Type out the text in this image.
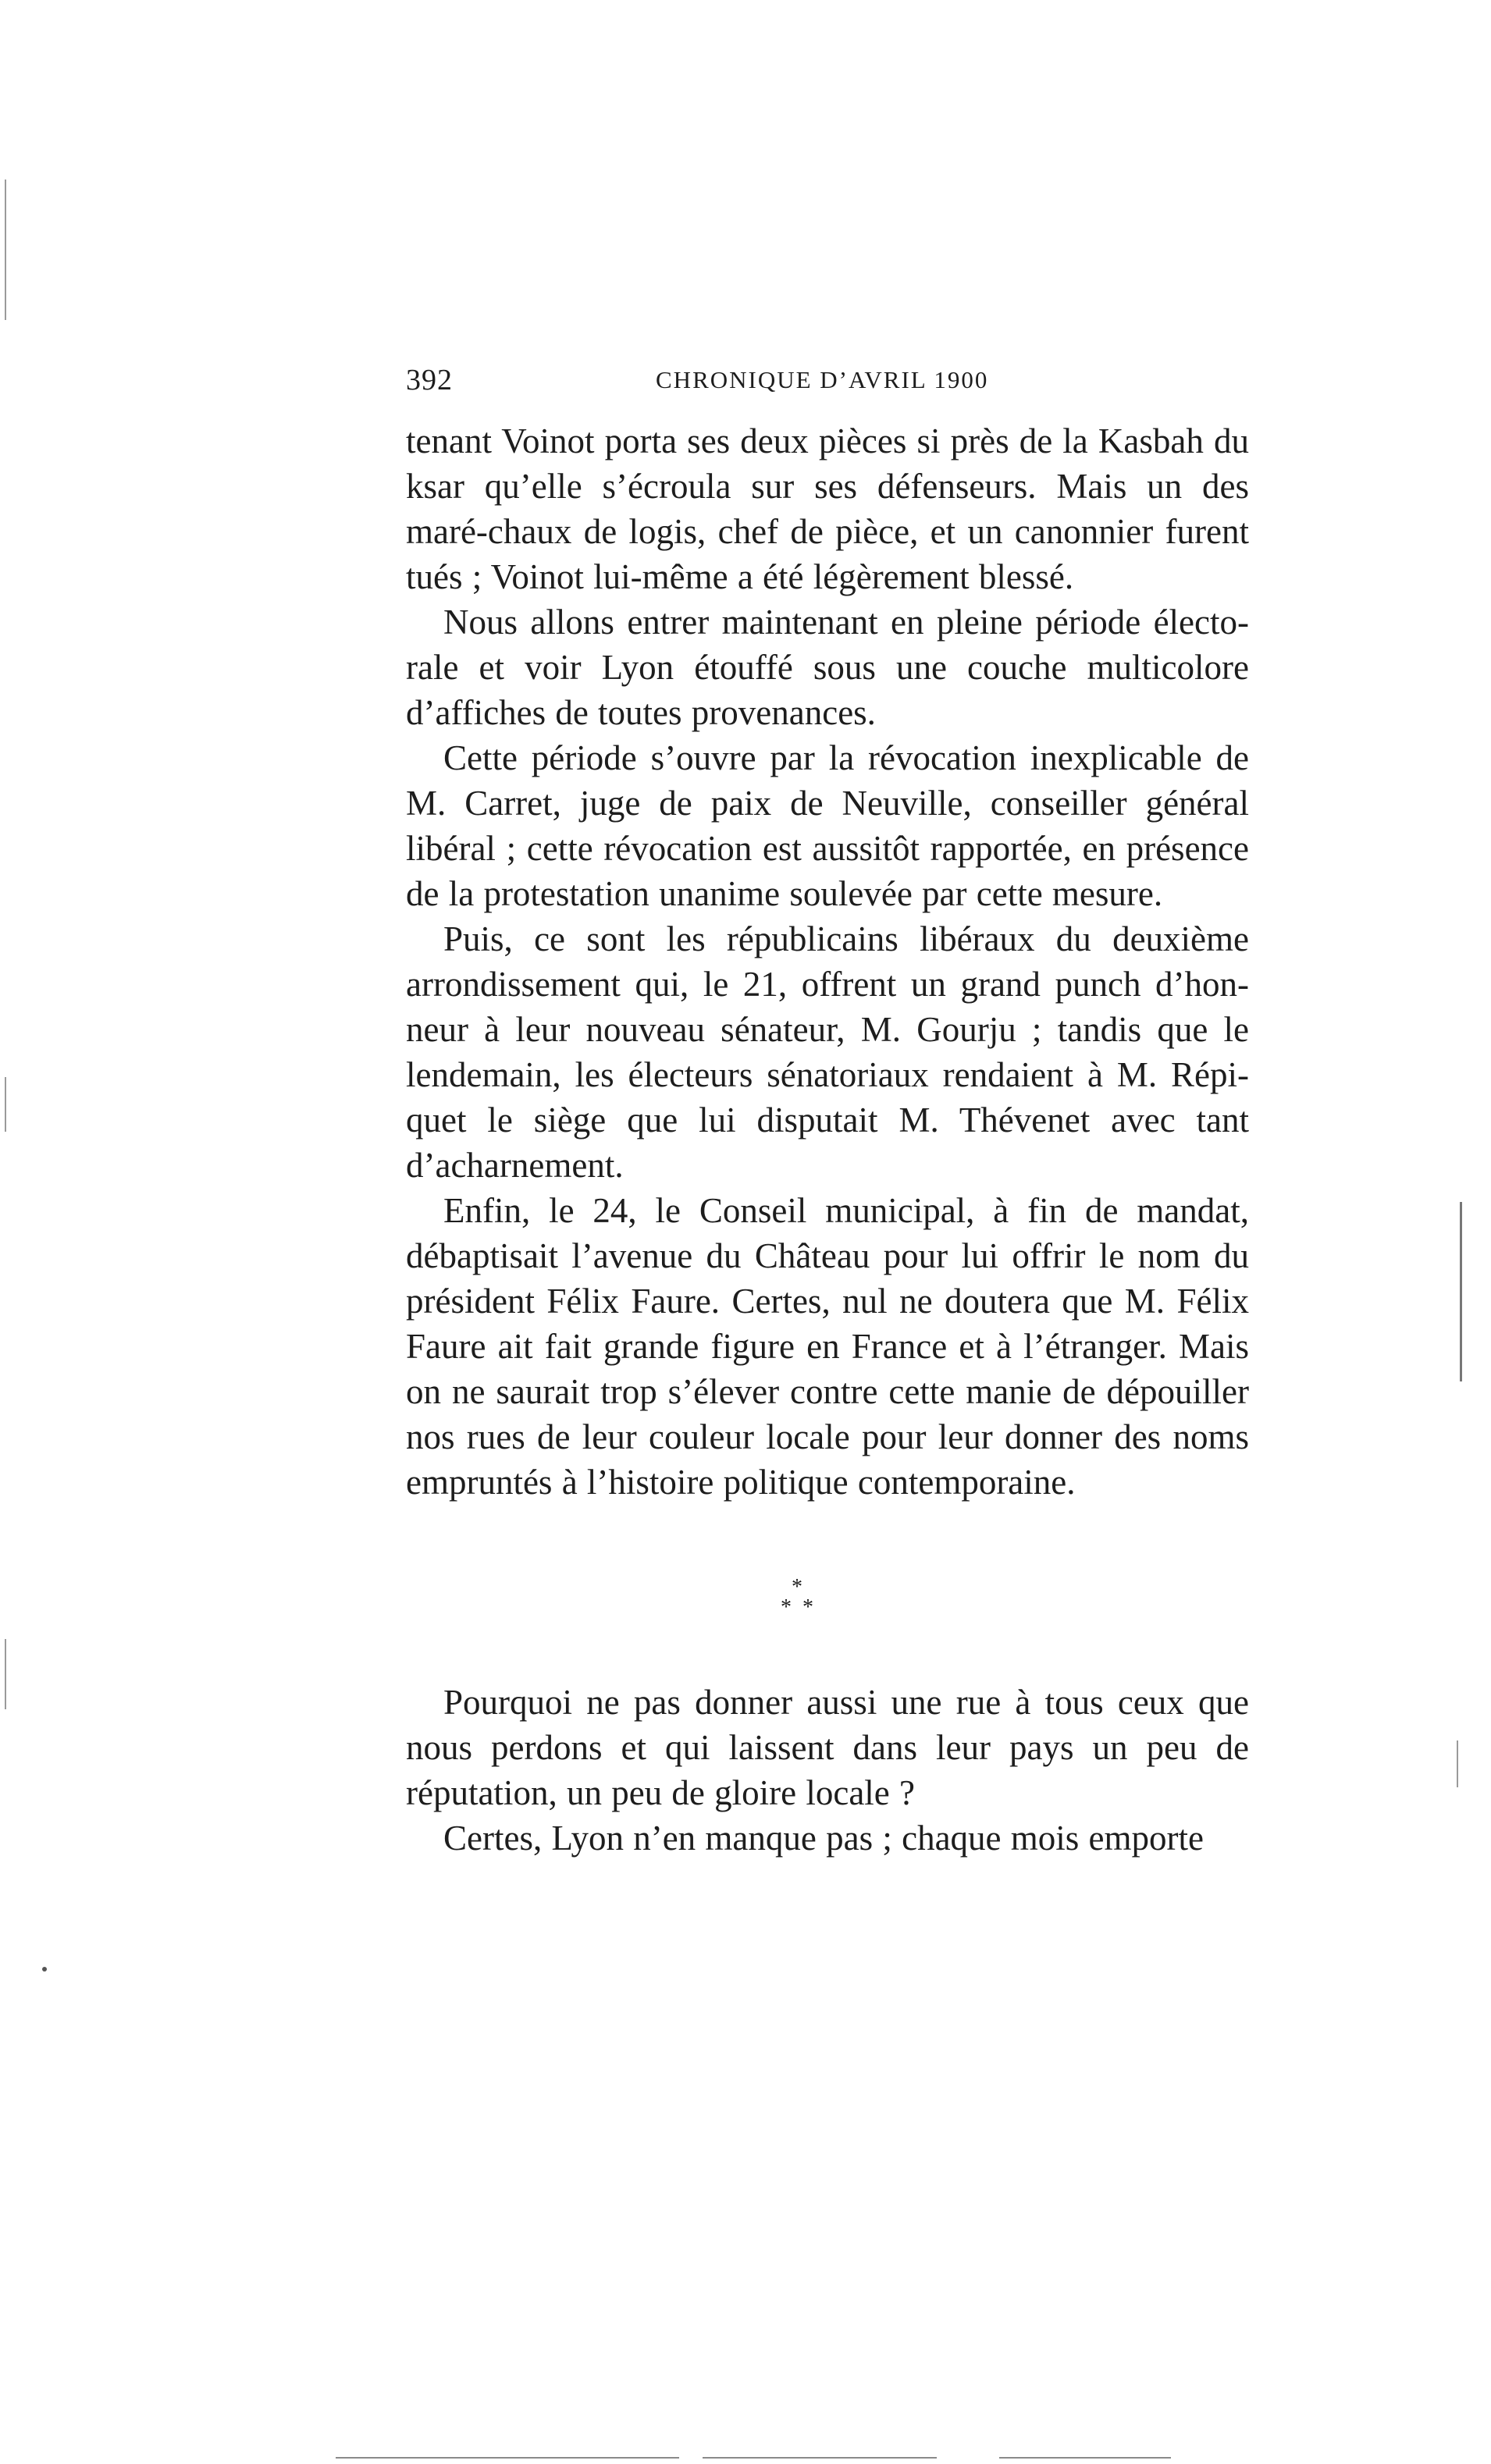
392	CHRONIQUE D’AVRIL 1900

tenant Voinot porta ses deux pièces si près de la Kasbah du ksar qu’elle s’écroula sur ses défenseurs. Mais un des maré-chaux de logis, chef de pièce, et un canonnier furent tués ; Voinot lui-même a été légèrement blessé.

Nous allons entrer maintenant en pleine période électo-rale et voir Lyon étouffé sous une couche multicolore d’affiches de toutes provenances.

Cette période s’ouvre par la révocation inexplicable de M. Carret, juge de paix de Neuville, conseiller général libéral ; cette révocation est aussitôt rapportée, en présence de la protestation unanime soulevée par cette mesure.

Puis, ce sont les républicains libéraux du deuxième arrondissement qui, le 21, offrent un grand punch d’hon-neur à leur nouveau sénateur, M. Gourju ; tandis que le lendemain, les électeurs sénatoriaux rendaient à M. Répi-quet le siège que lui disputait M. Thévenet avec tant d’acharnement.

Enfin, le 24, le Conseil municipal, à fin de mandat, débaptisait l’avenue du Château pour lui offrir le nom du président Félix Faure. Certes, nul ne doutera que M. Félix Faure ait fait grande figure en France et à l’étranger. Mais on ne saurait trop s’élever contre cette manie de dépouiller nos rues de leur couleur locale pour leur donner des noms empruntés à l’histoire politique contemporaine.

*
* *

Pourquoi ne pas donner aussi une rue à tous ceux que nous perdons et qui laissent dans leur pays un peu de réputation, un peu de gloire locale ?

Certes, Lyon n’en manque pas ; chaque mois emporte
